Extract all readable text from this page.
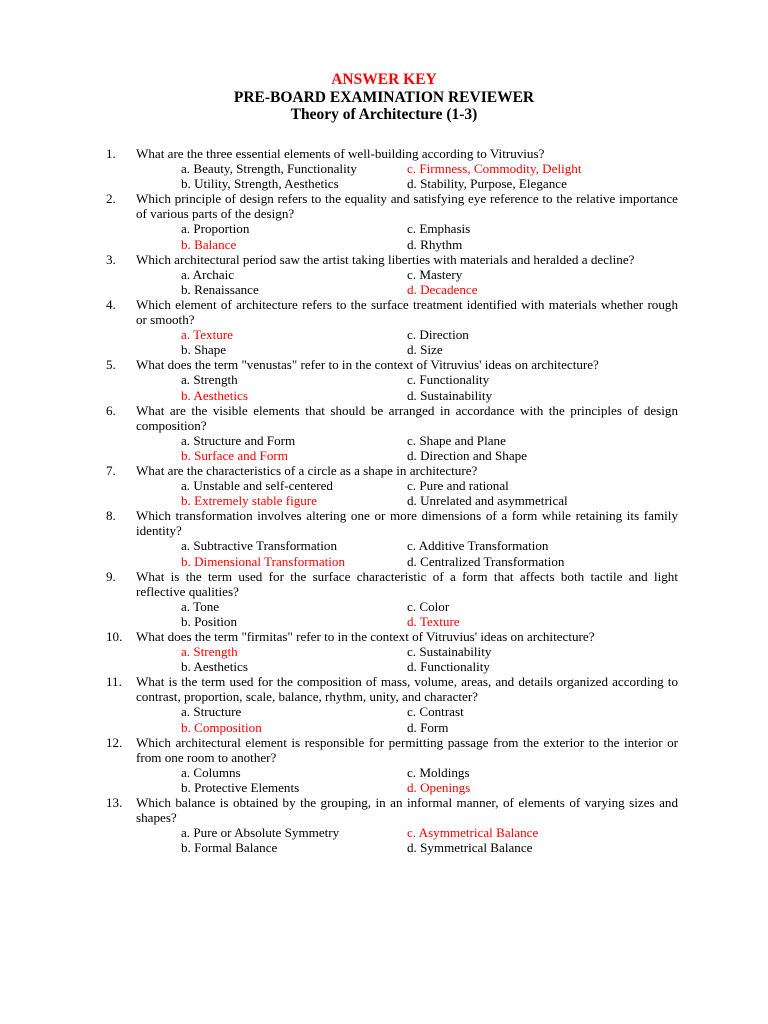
ANSWER KEY
PRE-BOARD EXAMINATION REVIEWER
Theory of Architecture (1-3)
1.	What are the three essential elements of well-building according to Vitruvius?
a. Beauty, Strength, Functionality	c. Firmness, Commodity, Delight
b. Utility, Strength, Aesthetics	d. Stability, Purpose, Elegance
2.	Which principle of design refers to the equality and satisfying eye reference to the relative importance of various parts of the design?
a. Proportion	c. Emphasis
b. Balance	d. Rhythm
3.	Which architectural period saw the artist taking liberties with materials and heralded a decline?
a. Archaic	c. Mastery
b. Renaissance	d. Decadence
4.	Which element of architecture refers to the surface treatment identified with materials whether rough or smooth?
a. Texture	c. Direction
b. Shape	d. Size
5.	What does the term "venustas" refer to in the context of Vitruvius' ideas on architecture?
a. Strength	c. Functionality
b. Aesthetics	d. Sustainability
6.	What are the visible elements that should be arranged in accordance with the principles of design composition?
a. Structure and Form	c. Shape and Plane
b. Surface and Form	d. Direction and Shape
7.	What are the characteristics of a circle as a shape in architecture?
a. Unstable and self-centered	c. Pure and rational
b. Extremely stable figure	d. Unrelated and asymmetrical
8.	Which transformation involves altering one or more dimensions of a form while retaining its family identity?
a. Subtractive Transformation	c. Additive Transformation
b. Dimensional Transformation	d. Centralized Transformation
9.	What is the term used for the surface characteristic of a form that affects both tactile and light reflective qualities?
a. Tone	c. Color
b. Position	d. Texture
10.	What does the term "firmitas" refer to in the context of Vitruvius' ideas on architecture?
a. Strength	c. Sustainability
b. Aesthetics	d. Functionality
11.	What is the term used for the composition of mass, volume, areas, and details organized according to contrast, proportion, scale, balance, rhythm, unity, and character?
a. Structure	c. Contrast
b. Composition	d. Form
12.	Which architectural element is responsible for permitting passage from the exterior to the interior or from one room to another?
a. Columns	c. Moldings
b. Protective Elements	d. Openings
13.	Which balance is obtained by the grouping, in an informal manner, of elements of varying sizes and shapes?
a. Pure or Absolute Symmetry	c. Asymmetrical Balance
b. Formal Balance	d. Symmetrical Balance
